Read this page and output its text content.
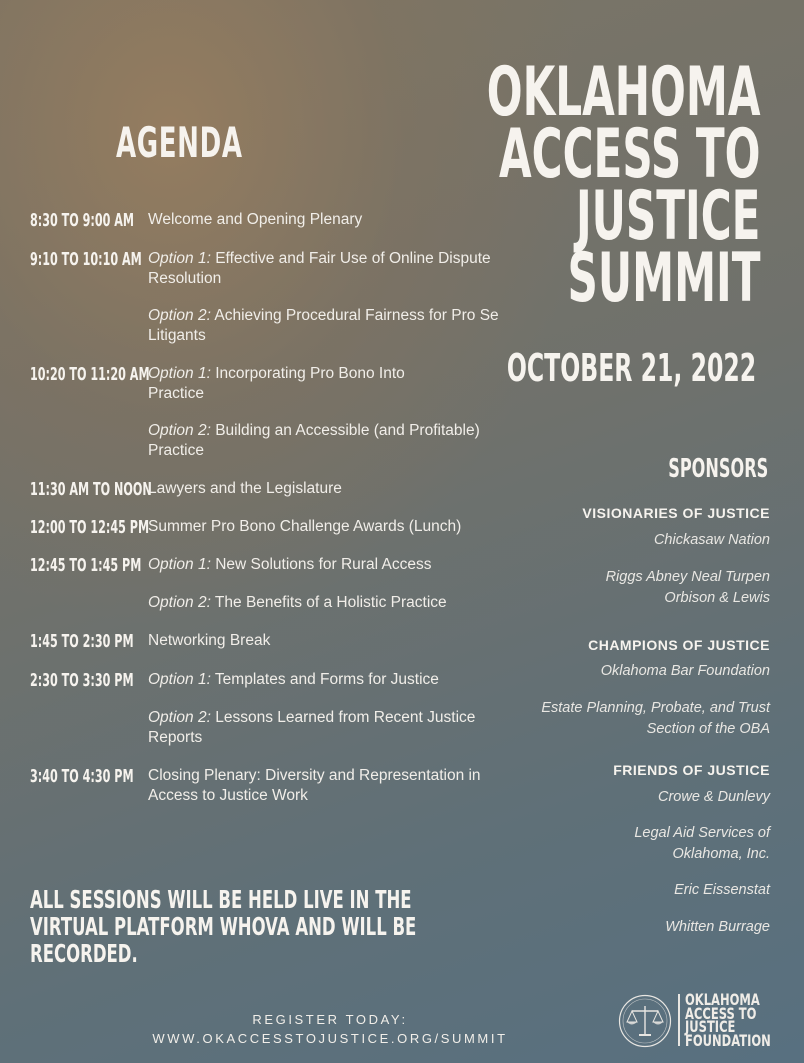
AGENDA
OKLAHOMA
ACCESS TO
JUSTICE
SUMMIT
OCTOBER 21, 2022
8:30 TO 9:00 AM Welcome and Opening Plenary
9:10 TO 10:10 AM Option 1: Effective and Fair Use of Online Dispute Resolution
Option 2: Achieving Procedural Fairness for Pro Se Litigants
10:20 TO 11:20 AM
Option 1: Incorporating Pro Bono Into Practice
Option 2: Building an Accessible (and Profitable) Practice
11:30 AM TO NOON
Lawyers and the Legislature
12:00 TO 12:45 PM
Summer Pro Bono Challenge Awards (Lunch)
12:45 TO 1:45 PM Option 1: New Solutions for Rural Access
Option 2: The Benefits of a Holistic Practice
1:45 TO 2:30 PM Networking Break
2:30 TO 3:30 PM Option 1: Templates and Forms for Justice
Option 2: Lessons Learned from Recent Justice Reports
3:40 TO 4:30 PM Closing Plenary: Diversity and Representation in Access to Justice Work
SPONSORS
VISIONARIES OF JUSTICE
Chickasaw Nation
Riggs Abney Neal Turpen Orbison & Lewis
CHAMPIONS OF JUSTICE
Oklahoma Bar Foundation
Estate Planning, Probate, and Trust Section of the OBA
FRIENDS OF JUSTICE
Crowe & Dunlevy
Legal Aid Services of Oklahoma, Inc.
Eric Eissenstat
Whitten Burrage
ALL SESSIONS WILL BE HELD LIVE IN THE
VIRTUAL PLATFORM WHOVA AND WILL BE
RECORDED.
REGISTER TODAY:
WWW.OKACCESSTOJUSTICE.ORG/SUMMIT
OKLAHOMA
ACCESS TO
JUSTICE
FOUNDATION
